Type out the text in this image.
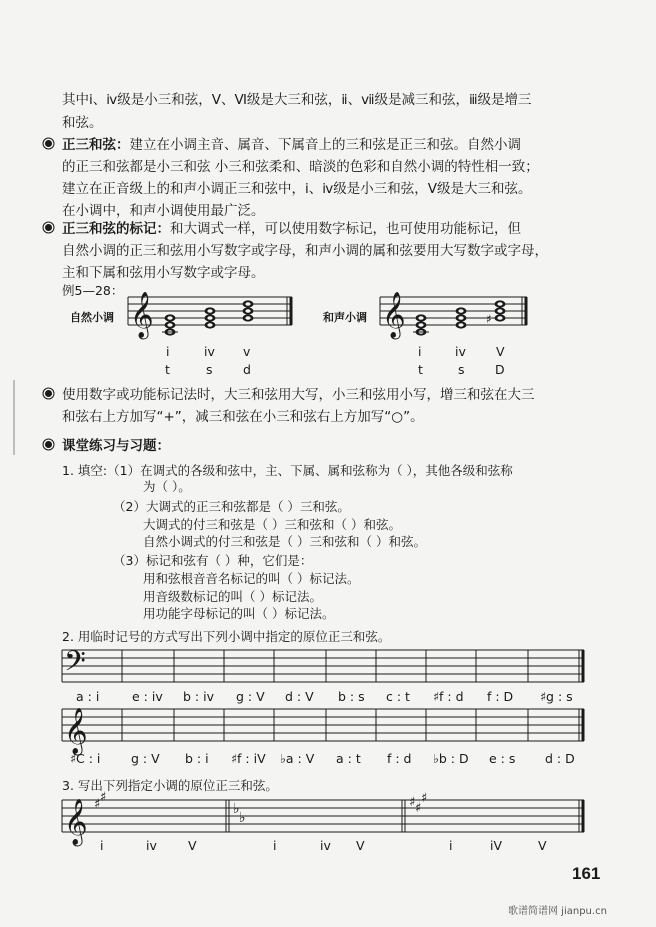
其中ⅰ、ⅳ级是小三和弦，Ⅴ、Ⅵ级是大三和弦，ⅱ、ⅶ级是减三和弦，ⅲ级是增三
和弦。
正三和弦：建立在小调主音、属音、下属音上的三和弦是正三和弦。自然小调
的正三和弦都是小三和弦 小三和弦柔和、暗淡的色彩和自然小调的特性相一致；
建立在正音级上的和声小调正三和弦中，ⅰ、ⅳ级是小三和弦，Ⅴ级是大三和弦。
在小调中，和声小调使用最广泛。
正三和弦的标记：和大调式一样，可以使用数字标记，也可使用功能标记，但
自然小调的正三和弦用小写数字或字母，和声小调的属和弦要用大写数字或字母，
主和下属和弦用小写数字或字母。
例5—28：
自然小调	和声小调
i	iv v
t	s d
i	iv V
t	s D
使用数字或功能标记法时，大三和弦用大写，小三和弦用小写，增三和弦在大三
和弦右上方加写“+”，减三和弦在小三和弦右上方加写“○”。
课堂练习与习题：
1. 填空:（1）在调式的各级和弦中，主、下属、属和弦称为（ ），其他各级和弦称
为（ ）。
（2）大调式的正三和弦都是（ ）三和弦。
大调式的付三和弦是（ ）三和弦和（ ）和弦。
自然小调式的付三和弦是（ ）三和弦和（ ）和弦。
（3）标记和弦有（ ）种，它们是：
用和弦根音音名标记的叫（ ）标记法。
用音级数标记的叫（ ）标记法。
用功能字母标记的叫（ ）标记法。
2. 用临时记号的方式写出下列小调中指定的原位正三和弦。
a : i	e : iv b : iv g : V d : V b : s c : t ♯f : d f : D ♯g : s
♯C : i g : V b : i ♯f : iV ♭a : V a : t f : d ♭b : D e : s d : D
3. 写出下列指定小调的原位正三和弦。
i	iv V	i	iv V	i	iV	V
161
歌谱简谱网 jianpu.cn
𝄞	𝄞
𝄢
𝄞
𝄞 ♯ ♯
♭
♭
♯ ♯
♯
♯
